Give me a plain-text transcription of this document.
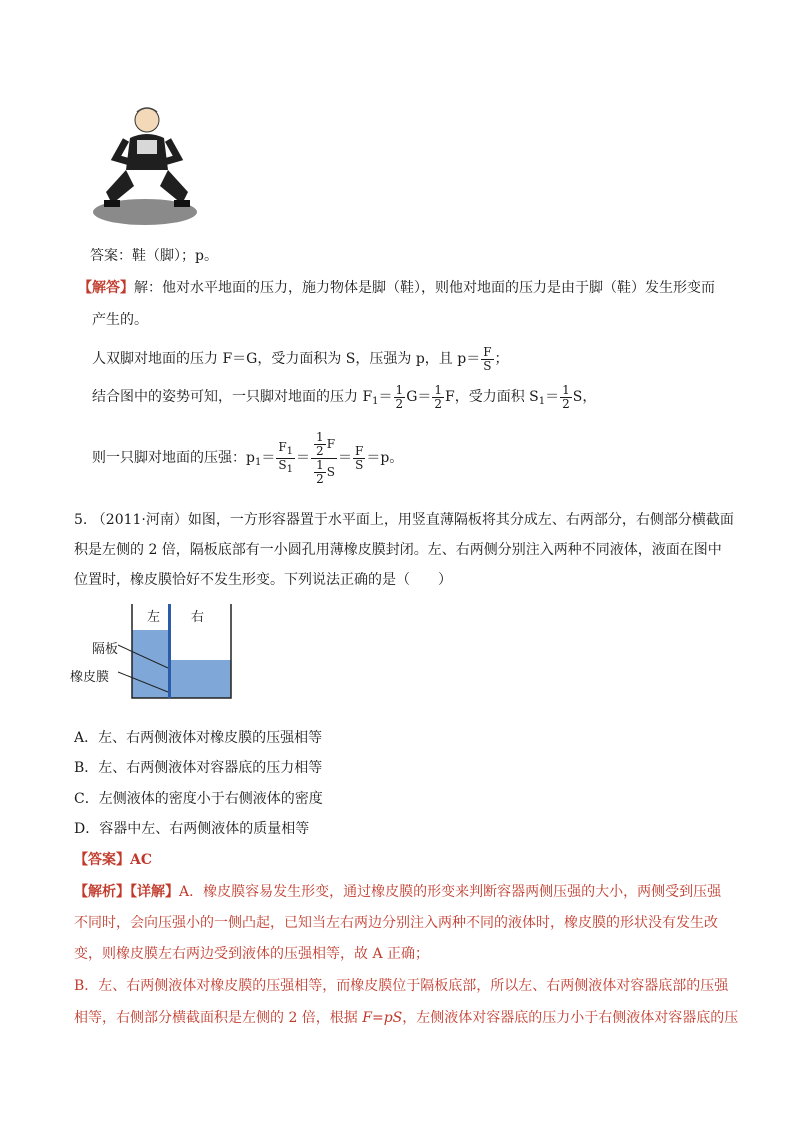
答案：鞋（脚）；p。
【解答】解：他对水平地面的压力，施力物体是脚（鞋），则他对地面的压力是由于脚（鞋）发生形变而
产生的。
人双脚对地面的压力 F＝G，受力面积为 S，压强为 p，且 $p= \frac{F}{S}$ ；
结合图中的姿势可知，一只脚对地面的压力 $F_1= \frac{1}{2} G= \frac{1}{2}$ F，受力面积 $S_1= \frac{1}{2}$ S，
则一只脚对地面的压强：$p_1= \frac{F_1}{S_1} = \frac{\frac{1}{2} F}{\frac{1}{2} S} = \frac{F}{S} =p$。
5. （2011·河南）如图，一方形容器置于水平面上，用竖直薄隔板将其分成左、右两部分，右侧部分横截面
积是左侧的 2 倍，隔板底部有一小圆孔用薄橡皮膜封闭。左、右两侧分别注入两种不同液体，液面在图中
位置时，橡皮膜恰好不发生形变。下列说法正确的是（　　）
左 右
隔板
橡皮膜
A．左、右两侧液体对橡皮膜的压强相等
B．左、右两侧液体对容器底的压力相等
C．左侧液体的密度小于右侧液体的密度
D．容器中左、右两侧液体的质量相等
【答案】AC
【解析】【详解】A．橡皮膜容易发生形变，通过橡皮膜的形变来判断容器两侧压强的大小，两侧受到压强
不同时，会向压强小的一侧凸起，已知当左右两边分别注入两种不同的液体时，橡皮膜的形状没有发生改
变，则橡皮膜左右两边受到液体的压强相等，故 A 正确；
B．左、右两侧液体对橡皮膜的压强相等，而橡皮膜位于隔板底部，所以左、右两侧液体对容器底部的压强
相等，右侧部分横截面积是左侧的 2 倍，根据 F=pS，左侧液体对容器底的压力小于右侧液体对容器底的压
